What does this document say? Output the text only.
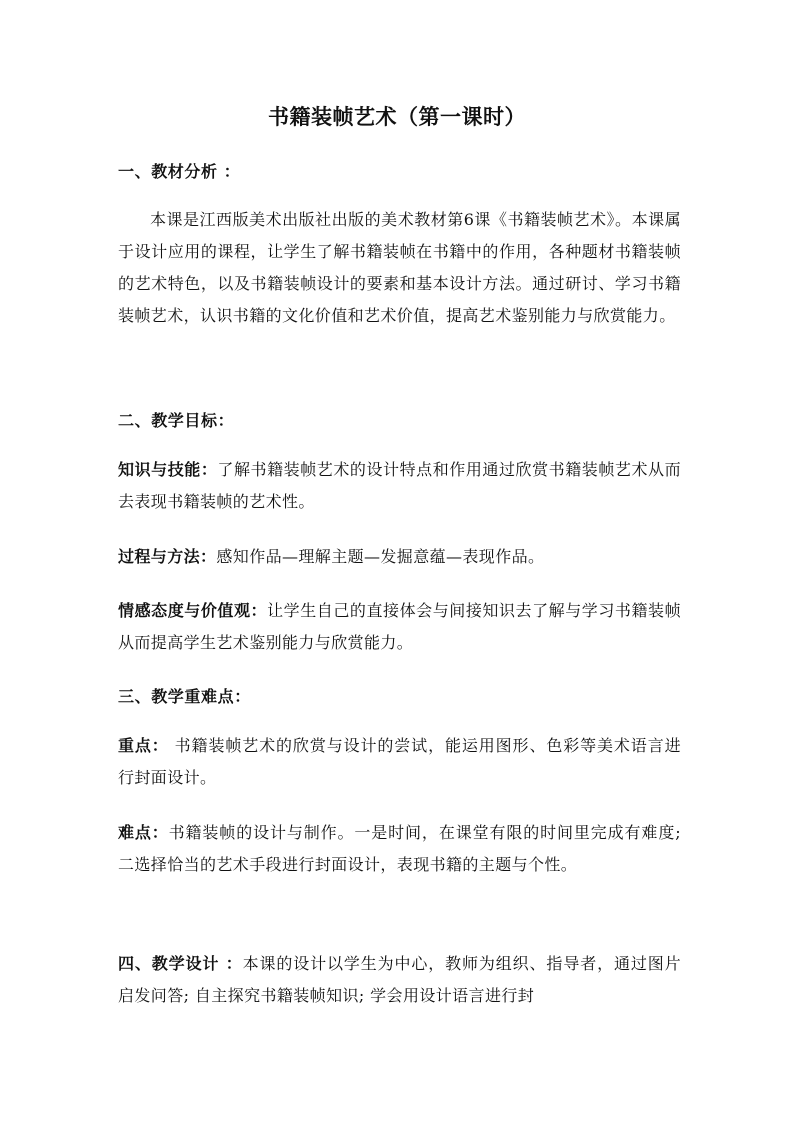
书籍装帧艺术（第一课时）
一、教材分析 ：
本课是江西版美术出版社出版的美术教材第6课《书籍装帧艺术》。本课属于设计应用的课程，让学生了解书籍装帧在书籍中的作用，各种题材书籍装帧的艺术特色，以及书籍装帧设计的要素和基本设计方法。通过研讨、学习书籍装帧艺术，认识书籍的文化价值和艺术价值，提高艺术鉴别能力与欣赏能力。
二、教学目标：
知识与技能：了解书籍装帧艺术的设计特点和作用通过欣赏书籍装帧艺术从而去表现书籍装帧的艺术性。
过程与方法：感知作品—理解主题—发掘意蕴—表现作品。
情感态度与价值观：让学生自己的直接体会与间接知识去了解与学习书籍装帧从而提高学生艺术鉴别能力与欣赏能力。
三、教学重难点：
重点： 书籍装帧艺术的欣赏与设计的尝试，能运用图形、色彩等美术语言进行封面设计。
难点：书籍装帧的设计与制作。一是时间，在课堂有限的时间里完成有难度; 二选择恰当的艺术手段进行封面设计，表现书籍的主题与个性。
四、教学设计 ：本课的设计以学生为中心，教师为组织、指导者，通过图片启发问答; 自主探究书籍装帧知识; 学会用设计语言进行封
